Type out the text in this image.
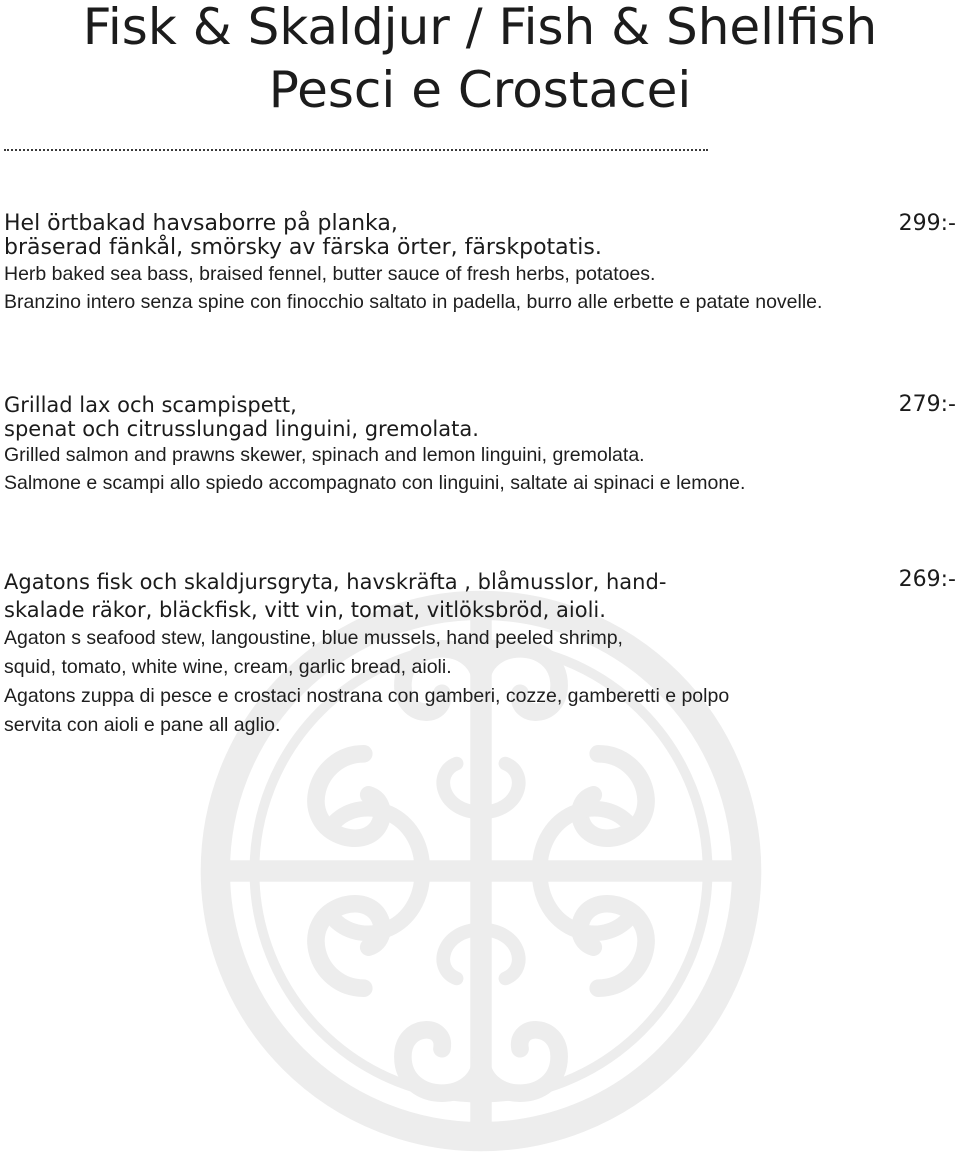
Fisk & Skaldjur / Fish & Shellfish
Pesci e Crostacei
299:-
Hel örtbakad havsaborre på planka,
bräserad fänkål, smörsky av färska örter, färskpotatis.
Herb baked sea bass, braised fennel, butter sauce of fresh herbs, potatoes.
Branzino intero senza spine con finocchio saltato in padella, burro alle erbette e patate novelle.
279:-
Grillad lax och scampispett,
spenat och citrusslungad linguini, gremolata.
Grilled salmon and prawns skewer, spinach and lemon linguini, gremolata.
Salmone e scampi allo spiedo accompagnato con linguini, saltate ai spinaci e lemone.
269:-
Agatons fisk och skaldjursgryta, havskräfta , blåmusslor, hand-
skalade räkor, bläckfisk, vitt vin, tomat, vitlöksbröd, aioli.
Agaton s seafood stew, langoustine, blue mussels, hand peeled shrimp,
squid, tomato, white wine, cream, garlic bread, aioli.
Agatons zuppa di pesce e crostaci nostrana con gamberi, cozze, gamberetti e polpo
servita con aioli e pane all aglio.
